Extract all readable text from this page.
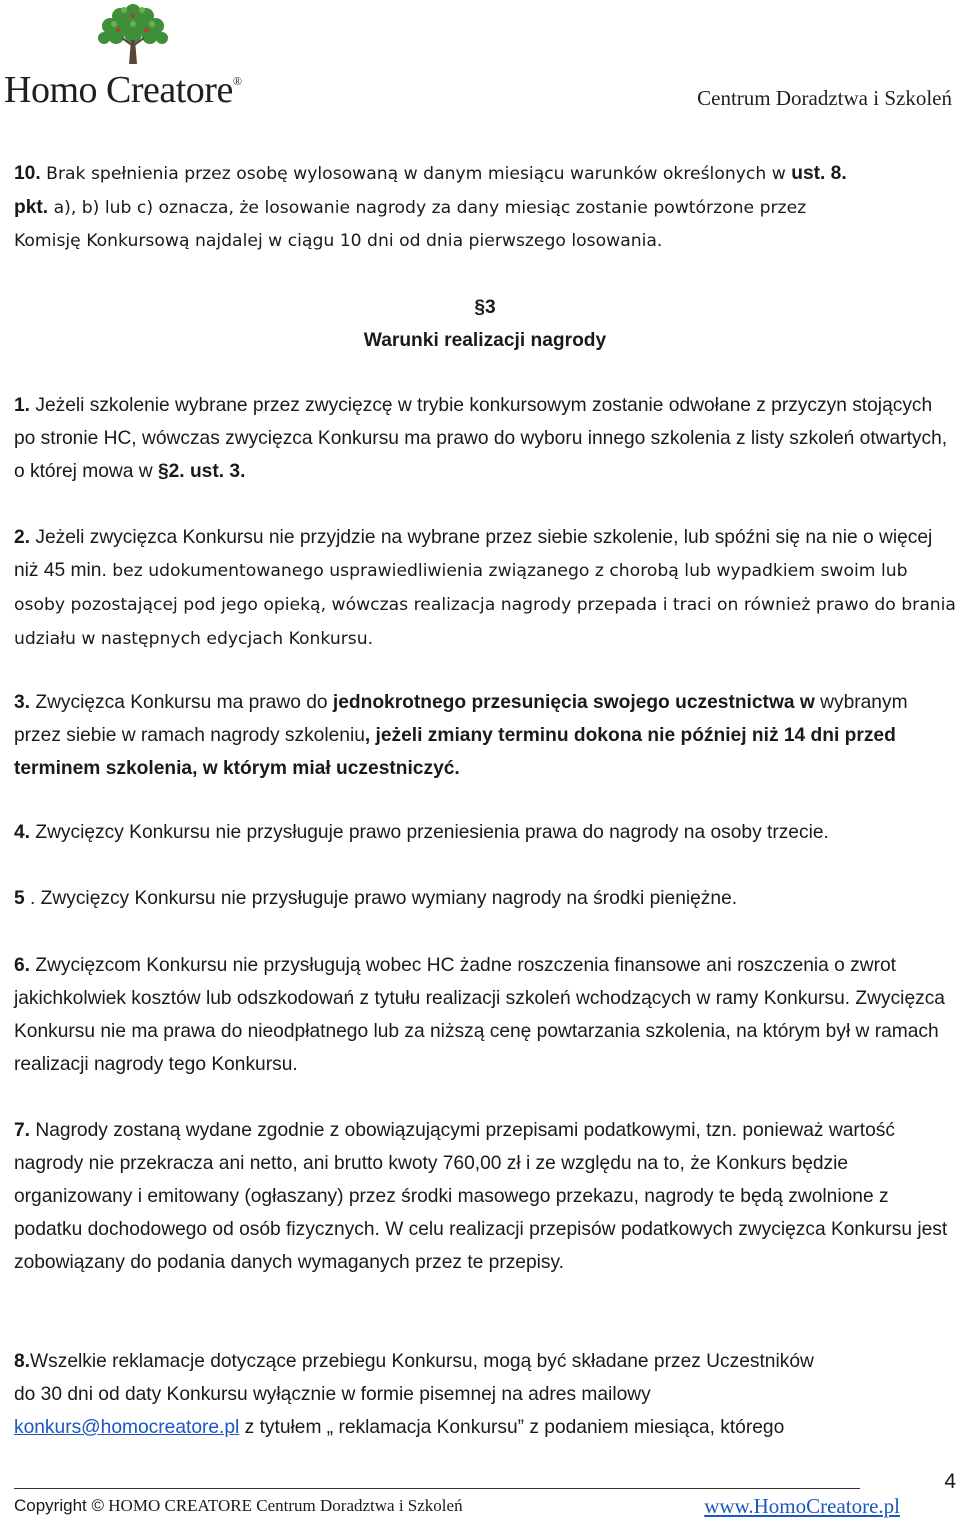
Homo Creatore®
Centrum Doradztwa i Szkoleń
10. Brak spełnienia przez osobę wylosowaną w danym miesiącu warunków określonych w ust. 8.
pkt. a), b) lub c) oznacza, że losowanie nagrody za dany miesiąc zostanie powtórzone przez
Komisję Konkursową najdalej w ciągu 10 dni od dnia pierwszego losowania.
§3
Warunki realizacji nagrody

1. Jeżeli szkolenie wybrane przez zwycięzcę w trybie konkursowym zostanie odwołane z przyczyn stojących po stronie HC, wówczas zwycięzca Konkursu ma prawo do wyboru innego szkolenia z listy szkoleń otwartych, o której mowa w §2. ust. 3.

2. Jeżeli zwycięzca Konkursu nie przyjdzie na wybrane przez siebie szkolenie, lub spóźni się na nie o więcej niż 45 min. bez udokumentowanego usprawiedliwienia związanego z chorobą lub wypadkiem swoim lub osoby pozostającej pod jego opieką, wówczas realizacja nagrody przepada i traci on również prawo do brania udziału w następnych edycjach Konkursu.

3. Zwycięzca Konkursu ma prawo do jednokrotnego przesunięcia swojego uczestnictwa w wybranym przez siebie w ramach nagrody szkoleniu, jeżeli zmiany terminu dokona nie później niż 14 dni przed terminem szkolenia, w którym miał uczestniczyć.

4. Zwycięzcy Konkursu nie przysługuje prawo przeniesienia prawa do nagrody na osoby trzecie.

5 . Zwycięzcy Konkursu nie przysługuje prawo wymiany nagrody na środki pieniężne.

6. Zwycięzcom Konkursu nie przysługują wobec HC żadne roszczenia finansowe ani roszczenia o zwrot jakichkolwiek kosztów lub odszkodowań z tytułu realizacji szkoleń wchodzących w ramy Konkursu. Zwycięzca Konkursu nie ma prawa do nieodpłatnego lub za niższą cenę powtarzania szkolenia, na którym był w ramach realizacji nagrody tego Konkursu.

7. Nagrody zostaną wydane zgodnie z obowiązującymi przepisami podatkowymi, tzn. ponieważ wartość nagrody nie przekracza ani netto, ani brutto kwoty 760,00 zł i ze względu na to, że Konkurs będzie organizowany i emitowany (ogłaszany) przez środki masowego przekazu, nagrody te będą zwolnione z podatku dochodowego od osób fizycznych. W celu realizacji przepisów podatkowych zwycięzca Konkursu jest zobowiązany do podania danych wymaganych przez te przepisy.

8.Wszelkie reklamacje dotyczące przebiegu Konkursu, mogą być składane przez Uczestników
do 30 dni od daty Konkursu wyłącznie w formie pisemnej na adres mailowy
konkurs@homocreatore.pl z tytułem „ reklamacja Konkursu” z podaniem miesiąca, którego
Copyright © HOMO CREATORE Centrum Doradztwa i Szkoleń	www.HomoCreatore.pl
4
